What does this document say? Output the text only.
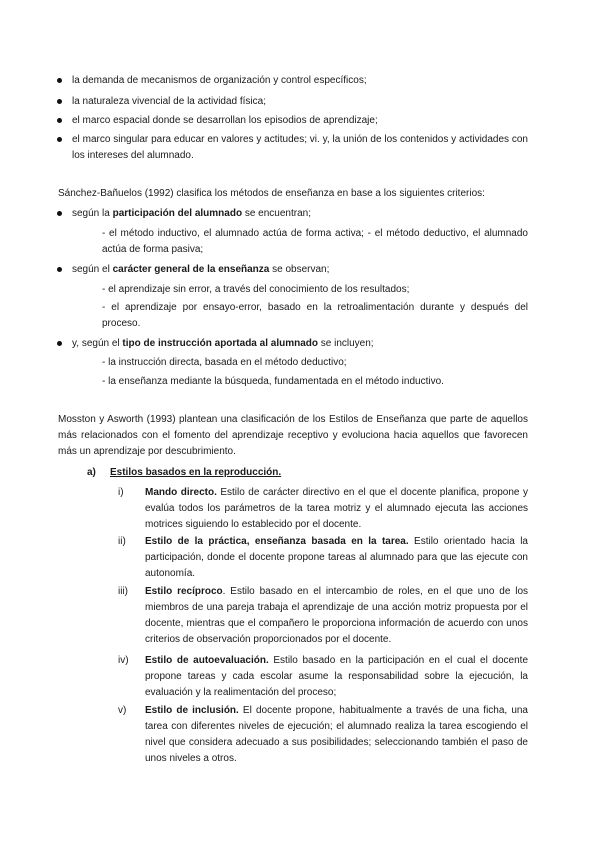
la demanda de mecanismos de organización y control específicos;
la naturaleza vivencial de la actividad física;
el marco espacial donde se desarrollan los episodios de aprendizaje;
el marco singular para educar en valores y actitudes; vi. y, la unión de los contenidos y actividades con los intereses del alumnado.
Sánchez-Bañuelos (1992) clasifica los métodos de enseñanza en base a los siguientes criterios:
según la participación del alumnado se encuentran;
- el método inductivo, el alumnado actúa de forma activa; - el método deductivo, el alumnado actúa de forma pasiva;
según el carácter general de la enseñanza se observan;
- el aprendizaje sin error, a través del conocimiento de los resultados;
- el aprendizaje por ensayo-error, basado en la retroalimentación durante y después del proceso.
y, según el tipo de instrucción aportada al alumnado se incluyen;
- la instrucción directa, basada en el método deductivo;
- la enseñanza mediante la búsqueda, fundamentada en el método inductivo.
Mosston y Asworth (1993) plantean una clasificación de los Estilos de Enseñanza que parte de aquellos más relacionados con el fomento del aprendizaje receptivo y evoluciona hacia aquellos que favorecen más un aprendizaje por descubrimiento.
a) Estilos basados en la reproducción.
i)	Mando directo. Estilo de carácter directivo en el que el docente planifica, propone y evalúa todos los parámetros de la tarea motriz y el alumnado ejecuta las acciones motrices siguiendo lo establecido por el docente.
ii)	Estilo de la práctica, enseñanza basada en la tarea. Estilo orientado hacia la participación, donde el docente propone tareas al alumnado para que las ejecute con autonomía.
iii)	Estilo recíproco. Estilo basado en el intercambio de roles, en el que uno de los miembros de una pareja trabaja el aprendizaje de una acción motriz propuesta por el docente, mientras que el compañero le proporciona información de acuerdo con unos criterios de observación proporcionados por el docente.
iv)	Estilo de autoevaluación. Estilo basado en la participación en el cual el docente propone tareas y cada escolar asume la responsabilidad sobre la ejecución, la evaluación y la realimentación del proceso;
v)	Estilo de inclusión. El docente propone, habitualmente a través de una ficha, una tarea con diferentes niveles de ejecución; el alumnado realiza la tarea escogiendo el nivel que considera adecuado a sus posibilidades; seleccionando también el paso de unos niveles a otros.
